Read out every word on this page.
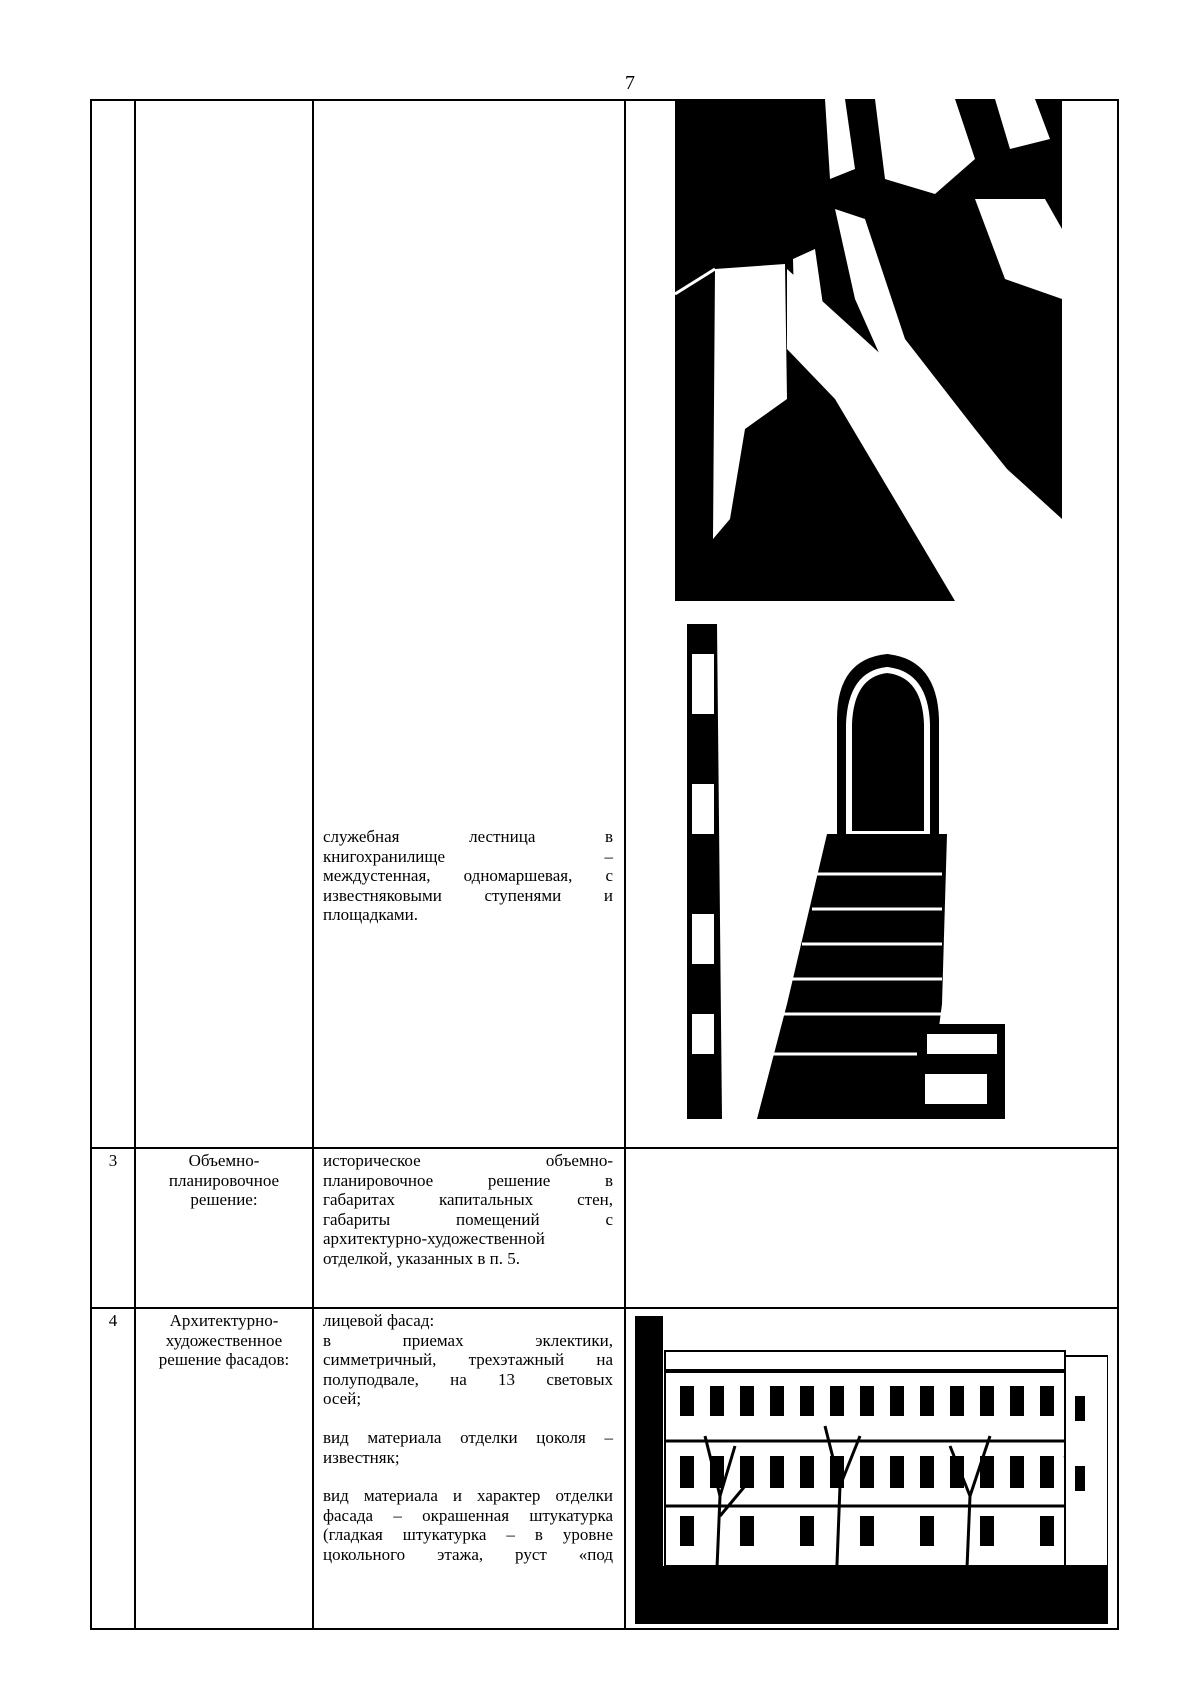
7
служебная лестница в
книгохранилище –
междустенная, одномаршевая, с
известняковыми ступенями и
площадками.
3	Объемно-
планировочное
решение:
историческое объемно-
планировочное решение в
габаритах капитальных стен,
габариты помещений с
архитектурно-художественной
отделкой, указанных в п. 5.
4	Архитектурно-
художественное
решение фасадов:
лицевой фасад:
в приемах эклектики,
симметричный, трехэтажный на
полуподвале, на 13 световых
осей;
вид материала отделки цоколя –
известняк;
вид материала и характер отделки
фасада – окрашенная штукатурка
(гладкая штукатурка – в уровне
цокольного этажа, руст «под
